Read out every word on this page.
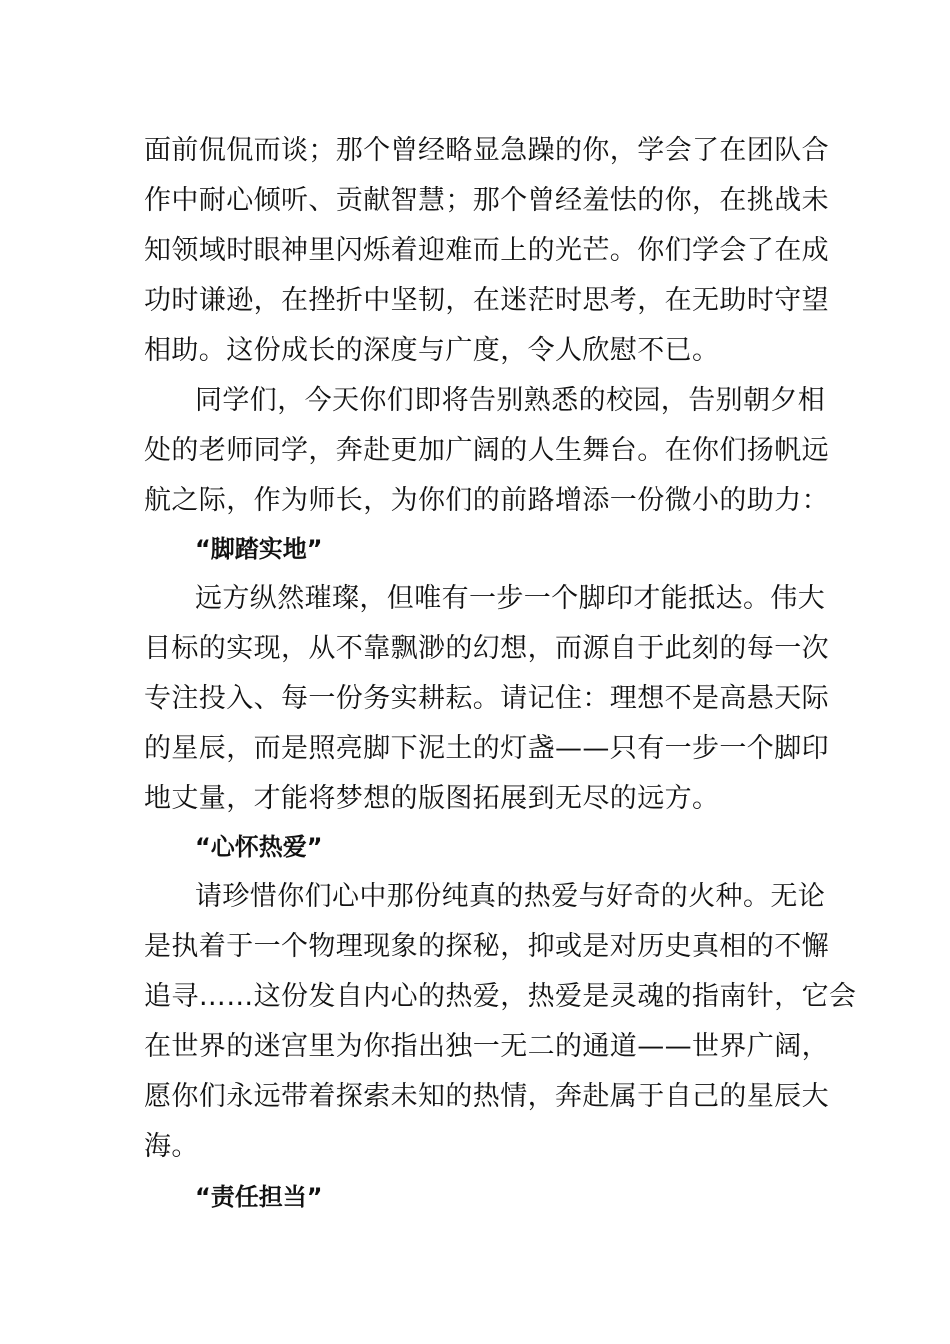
面前侃侃而谈；那个曾经略显急躁的你，学会了在团队合
作中耐心倾听、贡献智慧；那个曾经羞怯的你，在挑战未
知领域时眼神里闪烁着迎难而上的光芒。你们学会了在成
功时谦逊，在挫折中坚韧，在迷茫时思考，在无助时守望
相助。这份成长的深度与广度，令人欣慰不已。
同学们，今天你们即将告别熟悉的校园，告别朝夕相
处的老师同学，奔赴更加广阔的人生舞台。在你们扬帆远
航之际，作为师长，为你们的前路增添一份微小的助力：
“脚踏实地”
远方纵然璀璨，但唯有一步一个脚印才能抵达。伟大
目标的实现，从不靠飘渺的幻想，而源自于此刻的每一次
专注投入、每一份务实耕耘。请记住：理想不是高悬天际
的星辰，而是照亮脚下泥土的灯盏——只有一步一个脚印
地丈量，才能将梦想的版图拓展到无尽的远方。
“心怀热爱”
请珍惜你们心中那份纯真的热爱与好奇的火种。无论
是执着于一个物理现象的探秘，抑或是对历史真相的不懈
追寻……这份发自内心的热爱，热爱是灵魂的指南针，它会
在世界的迷宫里为你指出独一无二的通道——世界广阔，
愿你们永远带着探索未知的热情，奔赴属于自己的星辰大
海。
“责任担当”
